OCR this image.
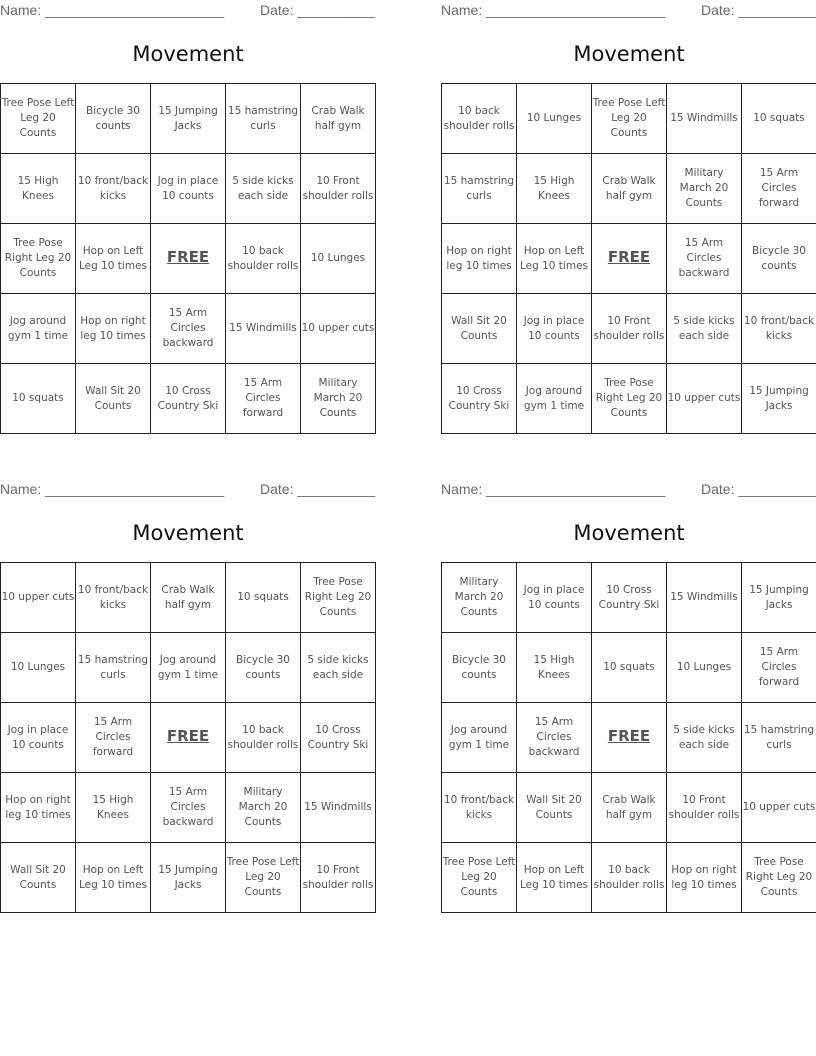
Name: _______________________	Date: __________
Movement
Tree Pose Left Leg 20 Counts	Bicycle 30 counts	15 Jumping Jacks	15 hamstring curls	Crab Walk half gym
15 High Knees	10 front/back kicks	Jog in place 10 counts	5 side kicks each side	10 Front shoulder rolls
Tree Pose Right Leg 20 Counts	Hop on Left Leg 10 times	FREE	10 back shoulder rolls	10 Lunges
Jog around gym 1 time	Hop on right leg 10 times	15 Arm Circles backward	15 Windmills	10 upper cuts
10 squats	Wall Sit 20 Counts	10 Cross Country Ski	15 Arm Circles forward	Military March 20 Counts
Name: _______________________	Date: __________
Movement
10 back shoulder rolls	10 Lunges	Tree Pose Left Leg 20 Counts	15 Windmills	10 squats
15 hamstring curls	15 High Knees	Crab Walk half gym	Military March 20 Counts	15 Arm Circles forward
Hop on right leg 10 times	Hop on Left Leg 10 times	FREE	15 Arm Circles backward	Bicycle 30 counts
Wall Sit 20 Counts	Jog in place 10 counts	10 Front shoulder rolls	5 side kicks each side	10 front/back kicks
10 Cross Country Ski	Jog around gym 1 time	Tree Pose Right Leg 20 Counts	10 upper cuts	15 Jumping Jacks
Name: _______________________	Date: __________
Movement
10 upper cuts	10 front/back kicks	Crab Walk half gym	10 squats	Tree Pose Right Leg 20 Counts
10 Lunges	15 hamstring curls	Jog around gym 1 time	Bicycle 30 counts	5 side kicks each side
Jog in place 10 counts	15 Arm Circles forward	FREE	10 back shoulder rolls	10 Cross Country Ski
Hop on right leg 10 times	15 High Knees	15 Arm Circles backward	Military March 20 Counts	15 Windmills
Wall Sit 20 Counts	Hop on Left Leg 10 times	15 Jumping Jacks	Tree Pose Left Leg 20 Counts	10 Front shoulder rolls
Name: _______________________	Date: __________
Movement
Military March 20 Counts	Jog in place 10 counts	10 Cross Country Ski	15 Windmills	15 Jumping Jacks
Bicycle 30 counts	15 High Knees	10 squats	10 Lunges	15 Arm Circles forward
Jog around gym 1 time	15 Arm Circles backward	FREE	5 side kicks each side	15 hamstring curls
10 front/back kicks	Wall Sit 20 Counts	Crab Walk half gym	10 Front shoulder rolls	10 upper cuts
Tree Pose Left Leg 20 Counts	Hop on Left Leg 10 times	10 back shoulder rolls	Hop on right leg 10 times	Tree Pose Right Leg 20 Counts
